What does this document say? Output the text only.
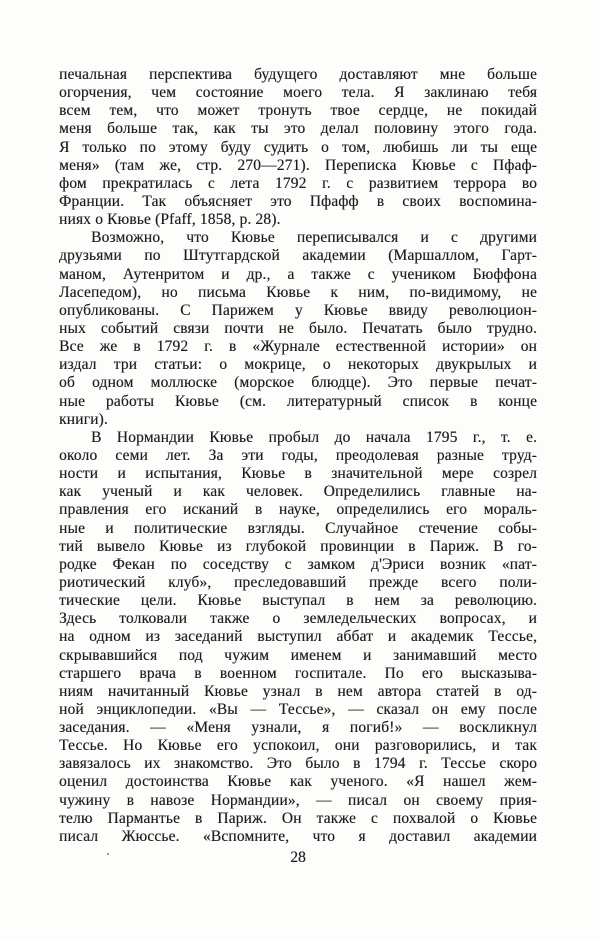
печальная перспектива будущего доставляют мне больше
огорчения, чем состояние моего тела. Я заклинаю тебя
всем тем, что может тронуть твое сердце, не покидай
меня больше так, как ты это делал половину этого года.
Я только по этому буду судить о том, любишь ли ты еще
меня» (там же, стр. 270—271). Переписка Кювье с Пфаф-
фом прекратилась с лета 1792 г. с развитием террора во
Франции. Так объясняет это Пфафф в своих воспомина-
ниях о Кювье (Pfaff, 1858, p. 28).
Возможно, что Кювье переписывался и с другими
друзьями по Штутгардской академии (Маршаллом, Гарт-
маном, Аутенритом и др., а также с учеником Бюффона
Ласепедом), но письма Кювье к ним, по-видимому, не
опубликованы. С Парижем у Кювье ввиду революцион-
ных событий связи почти не было. Печатать было трудно.
Все же в 1792 г. в «Журнале естественной истории» он
издал три статьи: о мокрице, о некоторых двукрылых и
об одном моллюске (морское блюдце). Это первые печат-
ные работы Кювье (см. литературный список в конце
книги).
В Нормандии Кювье пробыл до начала 1795 г., т. е.
около семи лет. За эти годы, преодолевая разные труд-
ности и испытания, Кювье в значительной мере созрел
как ученый и как человек. Определились главные на-
правления его исканий в науке, определились его мораль-
ные и политические взгляды. Случайное стечение собы-
тий вывело Кювье из глубокой провинции в Париж. В го-
родке Фекан по соседству с замком д'Эриси возник «пат-
риотический клуб», преследовавший прежде всего поли-
тические цели. Кювье выступал в нем за революцию.
Здесь толковали также о земледельческих вопросах, и
на одном из заседаний выступил аббат и академик Тессье,
скрывавшийся под чужим именем и занимавший место
старшего врача в военном госпитале. По его высказыва-
ниям начитанный Кювье узнал в нем автора статей в од-
ной энциклопедии. «Вы — Тессье», — сказал он ему после
заседания. — «Меня узнали, я погиб!» — воскликнул
Тессье. Но Кювье его успокоил, они разговорились, и так
завязалось их знакомство. Это было в 1794 г. Тессье скоро
оценил достоинства Кювье как ученого. «Я нашел жем-
чужину в навозе Нормандии», — писал он своему прия-
телю Пармантье в Париж. Он также с похвалой о Кювье
писал Жюссье. «Вспомните, что я доставил академии
28
